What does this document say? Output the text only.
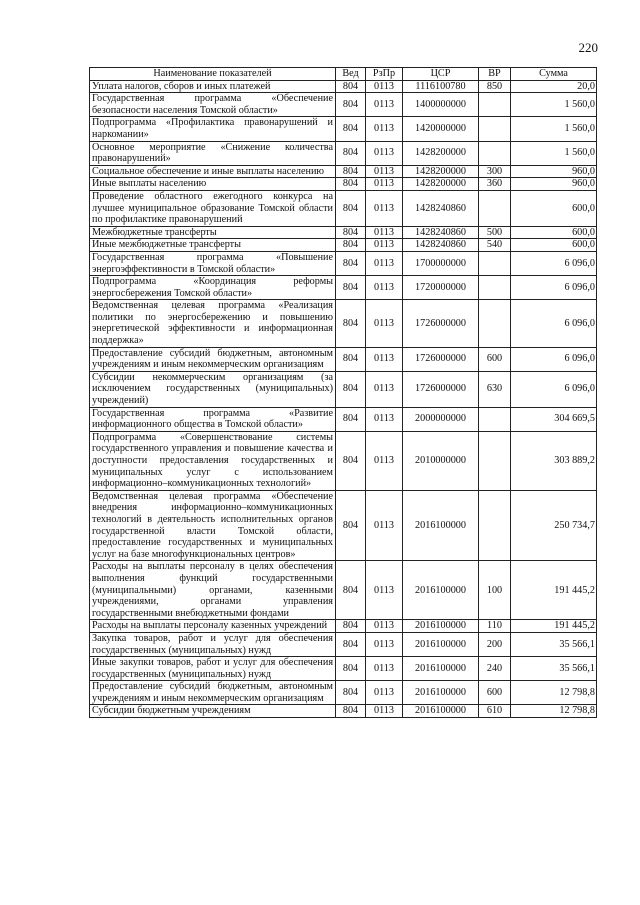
220
Наименование показателей	Вед	РзПр	ЦСР	ВР	Сумма
Уплата налогов, сборов и иных платежей	804	0113	1116100780	850	20,0
Государственная программа «Обеспечение безопасности населения Томской области»	804	0113	1400000000		1 560,0
Подпрограмма «Профилактика правонарушений и наркомании»	804	0113	1420000000		1 560,0
Основное мероприятие «Снижение количества правонарушений»	804	0113	1428200000		1 560,0
Социальное обеспечение и иные выплаты населению	804	0113	1428200000	300	960,0
Иные выплаты населению	804	0113	1428200000	360	960,0
Проведение областного ежегодного конкурса на лучшее муниципальное образование Томской области по профилактике правонарушений	804	0113	1428240860		600,0
Межбюджетные трансферты	804	0113	1428240860	500	600,0
Иные межбюджетные трансферты	804	0113	1428240860	540	600,0
Государственная программа «Повышение энергоэффективности в Томской области»	804	0113	1700000000		6 096,0
Подпрограмма «Координация реформы энергосбережения Томской области»	804	0113	1720000000		6 096,0
Ведомственная целевая программа «Реализация политики по энергосбережению и повышению энергетической эффективности и информационная поддержка»	804	0113	1726000000		6 096,0
Предоставление субсидий бюджетным, автономным учреждениям и иным некоммерческим организациям	804	0113	1726000000	600	6 096,0
Субсидии некоммерческим организациям (за исключением государственных (муниципальных) учреждений)	804	0113	1726000000	630	6 096,0
Государственная программа «Развитие информационного общества в Томской области»	804	0113	2000000000		304 669,5
Подпрограмма «Совершенствование системы государственного управления и повышение качества и доступности предоставления государственных и муниципальных услуг с использованием информационно–коммуникационных технологий»	804	0113	2010000000		303 889,2
Ведомственная целевая программа «Обеспечение внедрения информационно–коммуникационных технологий в деятельность исполнительных органов государственной власти Томской области, предоставление государственных и муниципальных услуг на базе многофункциональных центров»	804	0113	2016100000		250 734,7
Расходы на выплаты персоналу в целях обеспечения выполнения функций государственными (муниципальными) органами, казенными учреждениями, органами управления государственными внебюджетными фондами	804	0113	2016100000	100	191 445,2
Расходы на выплаты персоналу казенных учреждений	804	0113	2016100000	110	191 445,2
Закупка товаров, работ и услуг для обеспечения государственных (муниципальных) нужд	804	0113	2016100000	200	35 566,1
Иные закупки товаров, работ и услуг для обеспечения государственных (муниципальных) нужд	804	0113	2016100000	240	35 566,1
Предоставление субсидий бюджетным, автономным учреждениям и иным некоммерческим организациям	804	0113	2016100000	600	12 798,8
Субсидии бюджетным учреждениям	804	0113	2016100000	610	12 798,8
